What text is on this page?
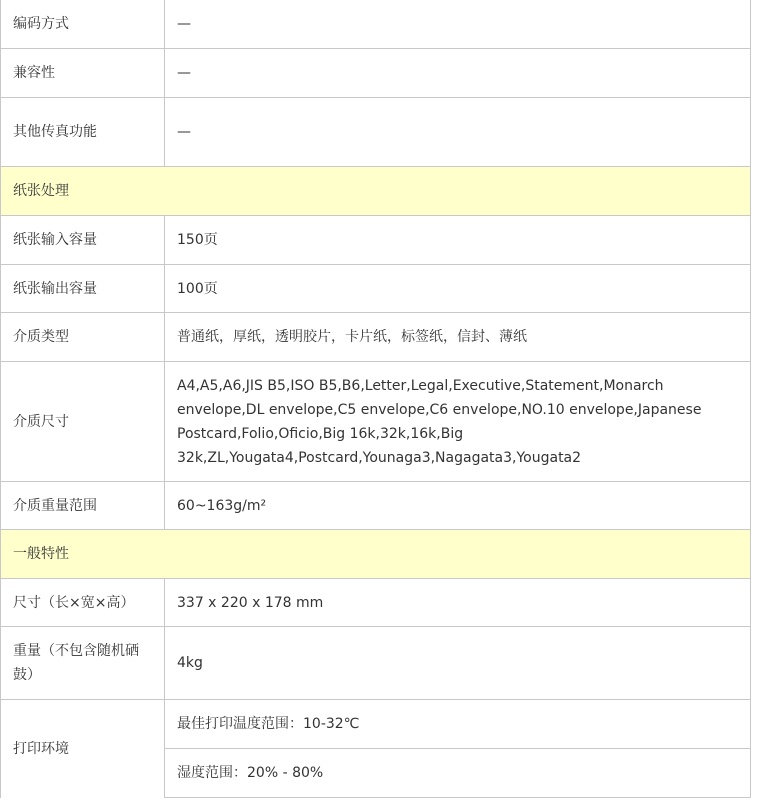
编码方式	—
兼容性	—
其他传真功能	—
纸张处理	
纸张输入容量	150页
纸张输出容量	100页
介质类型	普通纸，厚纸，透明胶片，卡片纸，标签纸，信封、薄纸
介质尺寸	A4,A5,A6,JIS B5,ISO B5,B6,Letter,Legal,Executive,Statement,Monarch envelope,DL envelope,C5 envelope,C6 envelope,NO.10 envelope,Japanese Postcard,Folio,Oficio,Big 16k,32k,16k,Big 32k,ZL,Yougata4,Postcard,Younaga3,Nagagata3,Yougata2
介质重量范围	60~163g/m²
一般特性	
尺寸（长×宽×高）	337 x 220 x 178 mm
重量（不包含随机硒鼓）	4kg
打印环境	最佳打印温度范围：10-32℃
	湿度范围：20% - 80%
